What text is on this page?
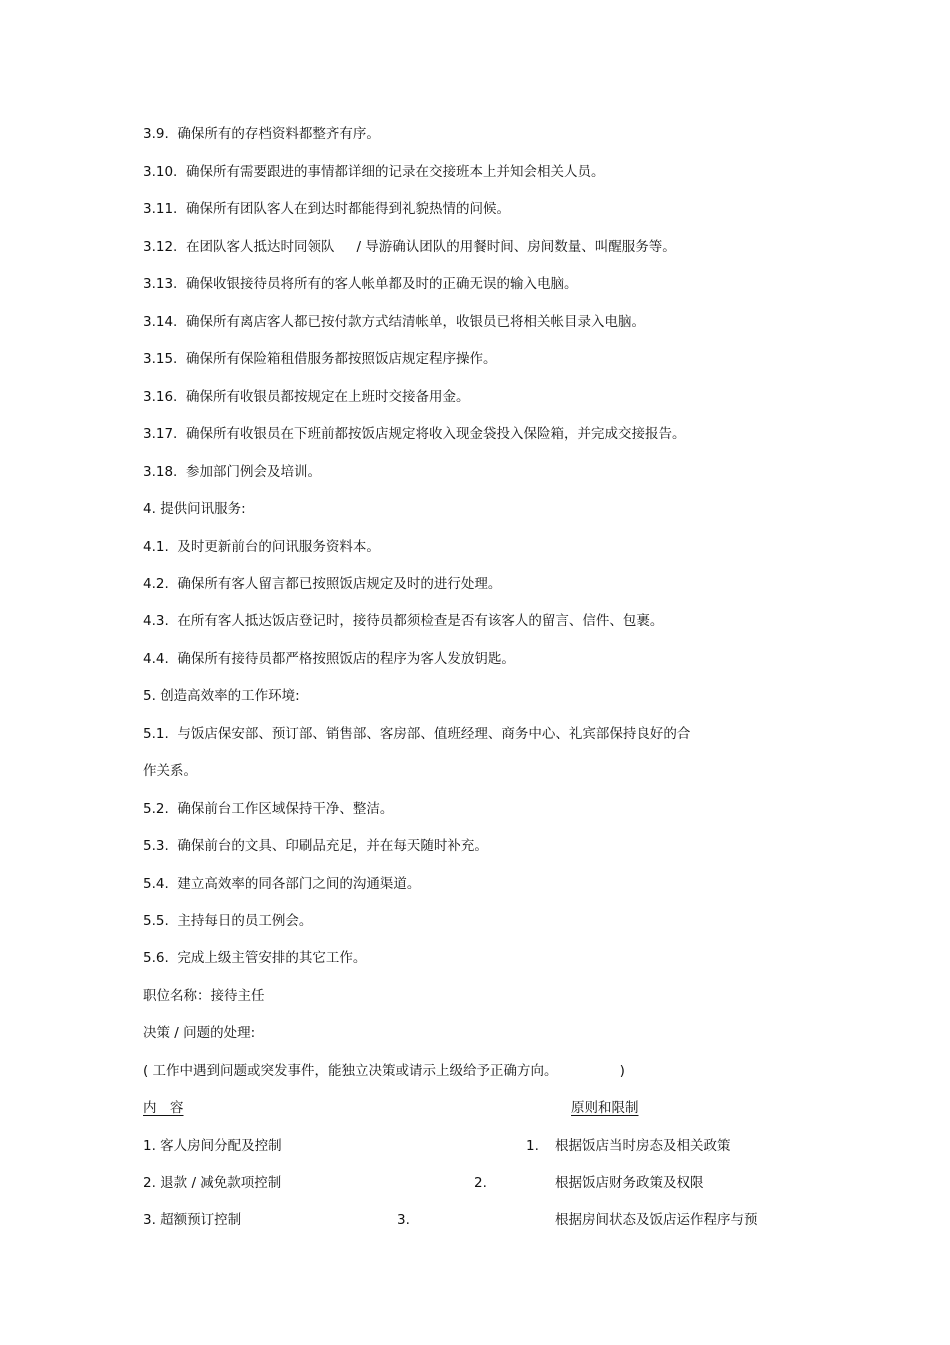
3.9. 确保所有的存档资料都整齐有序。
3.10. 确保所有需要跟进的事情都详细的记录在交接班本上并知会相关人员。
3.11. 确保所有团队客人在到达时都能得到礼貌热情的问候。
3.12. 在团队客人抵达时同领队 / 导游确认团队的用餐时间、房间数量、叫醒服务等。
3.13. 确保收银接待员将所有的客人帐单都及时的正确无误的输入电脑。
3.14. 确保所有离店客人都已按付款方式结清帐单，收银员已将相关帐目录入电脑。
3.15. 确保所有保险箱租借服务都按照饭店规定程序操作。
3.16. 确保所有收银员都按规定在上班时交接备用金。
3.17. 确保所有收银员在下班前都按饭店规定将收入现金袋投入保险箱，并完成交接报告。
3.18. 参加部门例会及培训。
4. 提供问讯服务:
4.1. 及时更新前台的问讯服务资料本。
4.2. 确保所有客人留言都已按照饭店规定及时的进行处理。
4.3. 在所有客人抵达饭店登记时，接待员都须检查是否有该客人的留言、信件、包裹。
4.4. 确保所有接待员都严格按照饭店的程序为客人发放钥匙。
5. 创造高效率的工作环境:
5.1. 与饭店保安部、预订部、销售部、客房部、值班经理、商务中心、礼宾部保持良好的合
作关系。
5.2. 确保前台工作区域保持干净、整洁。
5.3. 确保前台的文具、印刷品充足，并在每天随时补充。
5.4. 建立高效率的同各部门之间的沟通渠道。
5.5. 主持每日的员工例会。
5.6. 完成上级主管安排的其它工作。
职位名称：接待主任
决策 / 问题的处理:
( 工作中遇到问题或突发事件，能独立决策或请示上级给予正确方向。	)
内　容	原则和限制
1. 客人房间分配及控制	1. 根据饭店当时房态及相关政策
2. 退款 / 减免款项控制	2.	根据饭店财务政策及权限
3. 超额预订控制	3.	根据房间状态及饭店运作程序与预
